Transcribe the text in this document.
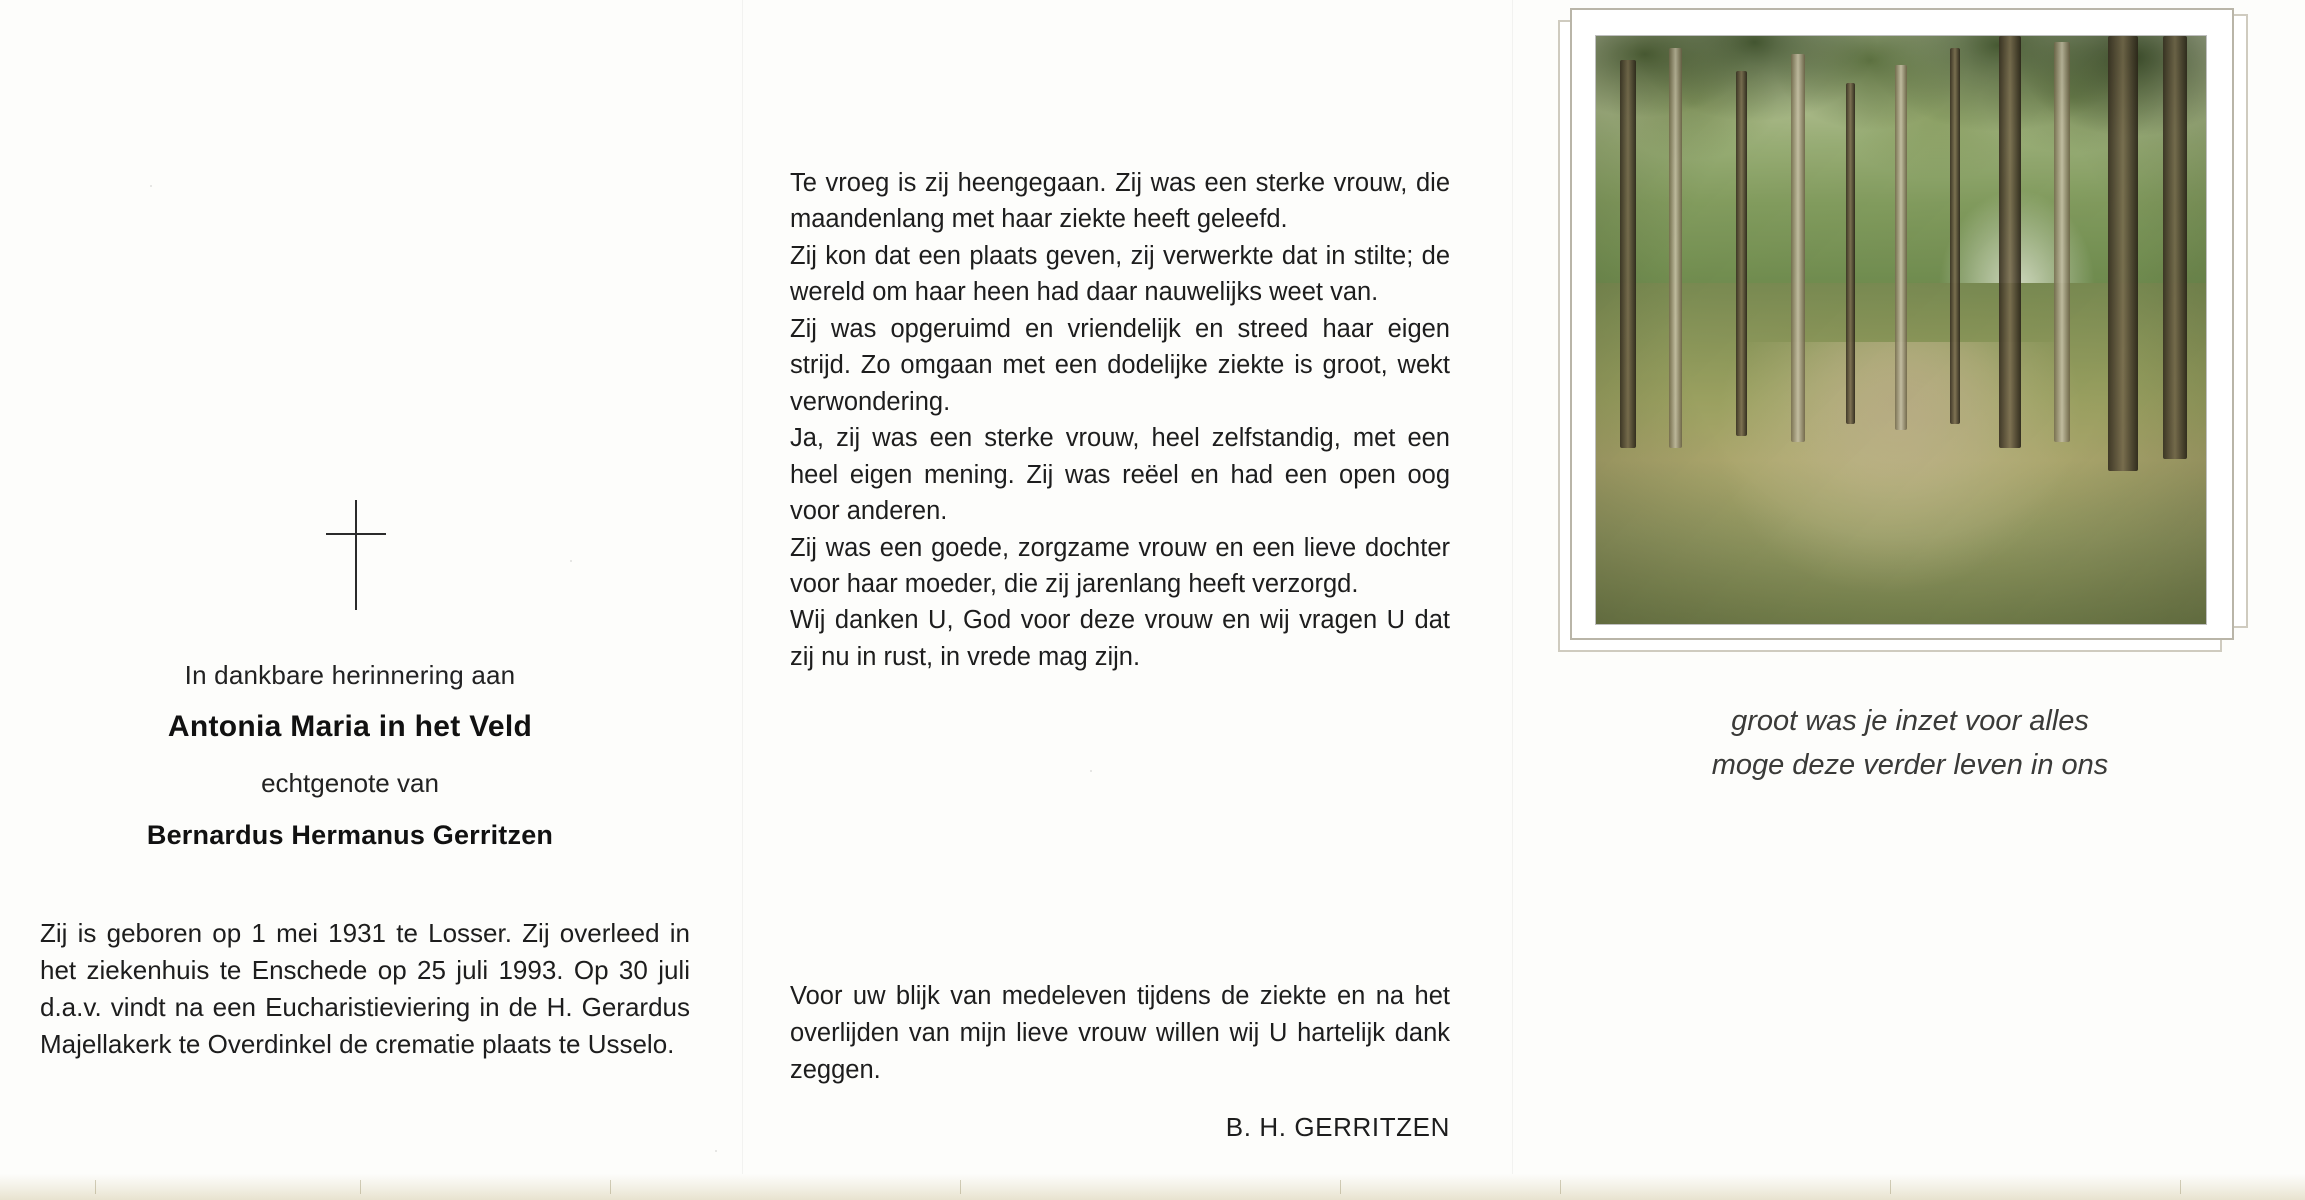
In dankbare herinnering aan
Antonia Maria in het Veld
echtgenote van
Bernardus Hermanus Gerritzen
Zij is geboren op 1 mei 1931 te Losser. Zij overleed in het ziekenhuis te Enschede op 25 juli 1993. Op 30 juli d.a.v. vindt na een Eucharistieviering in de H. Gerardus Majellakerk te Overdinkel de crematie plaats te Usselo.

Te vroeg is zij heengegaan. Zij was een sterke vrouw, die maandenlang met haar ziekte heeft geleefd.

Zij kon dat een plaats geven, zij verwerkte dat in stilte; de wereld om haar heen had daar nauwelijks weet van.

Zij was opgeruimd en vriendelijk en streed haar eigen strijd. Zo omgaan met een dodelijke ziekte is groot, wekt verwondering.

Ja, zij was een sterke vrouw, heel zelfstandig, met een heel eigen mening. Zij was reëel en had een open oog voor anderen.

Zij was een goede, zorgzame vrouw en een lieve dochter voor haar moeder, die zij jarenlang heeft verzorgd.

Wij danken U, God voor deze vrouw en wij vragen U dat zij nu in rust, in vrede mag zijn.

Voor uw blijk van medeleven tijdens de ziekte en na het overlijden van mijn lieve vrouw willen wij U hartelijk dank zeggen.
B. H. GERRITZEN
groot was je inzet voor alles
moge deze verder leven in ons
